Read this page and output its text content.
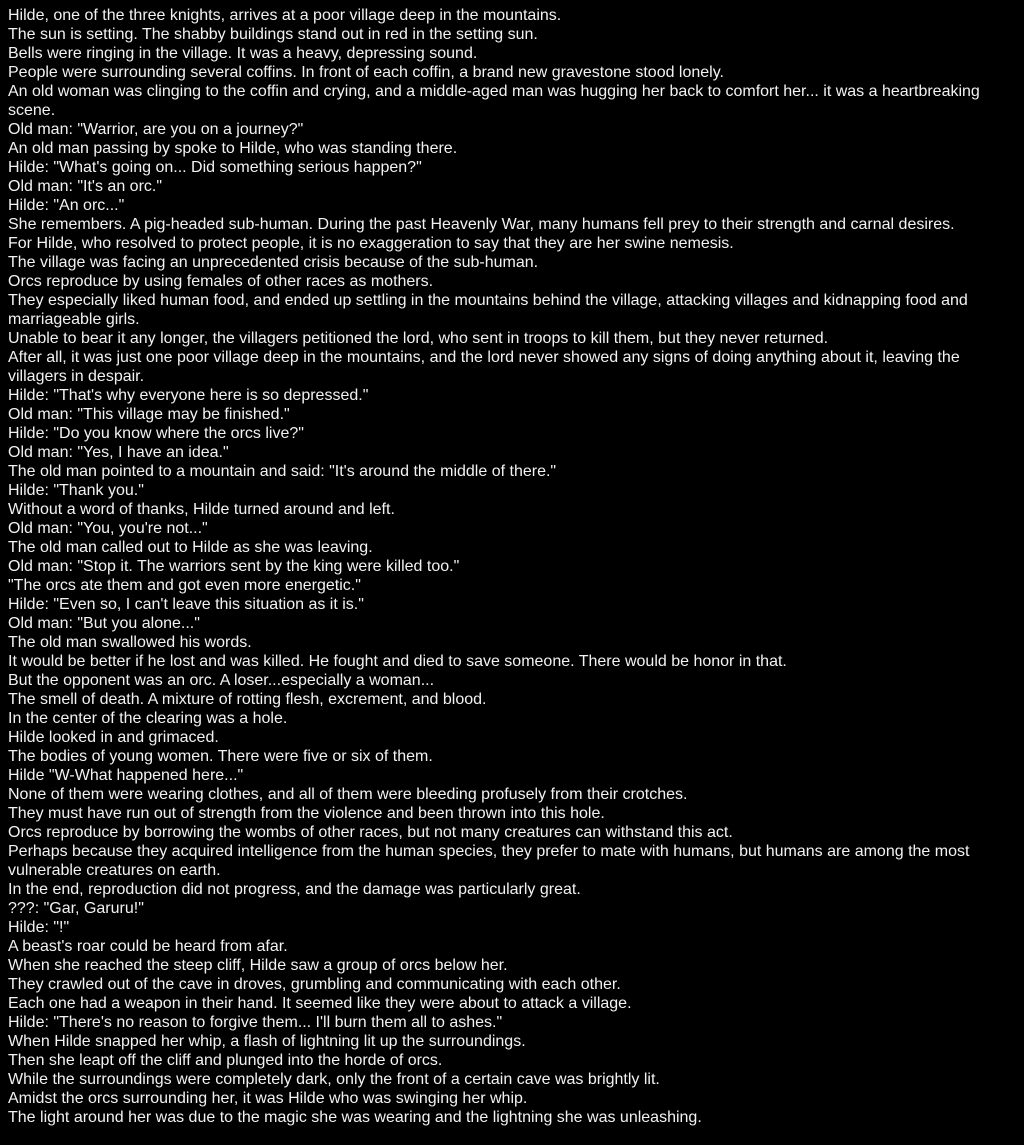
Hilde, one of the three knights, arrives at a poor village deep in the mountains.
The sun is setting. The shabby buildings stand out in red in the setting sun.
Bells were ringing in the village. It was a heavy, depressing sound.
People were surrounding several coffins. In front of each coffin, a brand new gravestone stood lonely.
An old woman was clinging to the coffin and crying, and a middle-aged man was hugging her back to comfort her... it was a heartbreaking scene.
Old man: "Warrior, are you on a journey?"
An old man passing by spoke to Hilde, who was standing there.
Hilde: "What's going on... Did something serious happen?"
Old man: "It's an orc."
Hilde: "An orc..."
She remembers. A pig-headed sub-human. During the past Heavenly War, many humans fell prey to their strength and carnal desires.
For Hilde, who resolved to protect people, it is no exaggeration to say that they are her swine nemesis.
The village was facing an unprecedented crisis because of the sub-human.
Orcs reproduce by using females of other races as mothers.
They especially liked human food, and ended up settling in the mountains behind the village, attacking villages and kidnapping food and marriageable girls.
Unable to bear it any longer, the villagers petitioned the lord, who sent in troops to kill them, but they never returned.
After all, it was just one poor village deep in the mountains, and the lord never showed any signs of doing anything about it, leaving the villagers in despair.
Hilde: "That's why everyone here is so depressed."
Old man: "This village may be finished."
Hilde: "Do you know where the orcs live?"
Old man: "Yes, I have an idea."
The old man pointed to a mountain and said: "It's around the middle of there."
Hilde: "Thank you."
Without a word of thanks, Hilde turned around and left.
Old man: "You, you're not..."
The old man called out to Hilde as she was leaving.
Old man: "Stop it. The warriors sent by the king were killed too."
"The orcs ate them and got even more energetic."
Hilde: "Even so, I can't leave this situation as it is."
Old man: "But you alone..."
The old man swallowed his words.
It would be better if he lost and was killed. He fought and died to save someone. There would be honor in that.
But the opponent was an orc. A loser...especially a woman...
The smell of death. A mixture of rotting flesh, excrement, and blood.
In the center of the clearing was a hole.
Hilde looked in and grimaced.
The bodies of young women. There were five or six of them.
Hilde "W-What happened here..."
None of them were wearing clothes, and all of them were bleeding profusely from their crotches.
They must have run out of strength from the violence and been thrown into this hole.
Orcs reproduce by borrowing the wombs of other races, but not many creatures can withstand this act.
Perhaps because they acquired intelligence from the human species, they prefer to mate with humans, but humans are among the most vulnerable creatures on earth.
In the end, reproduction did not progress, and the damage was particularly great.
???: "Gar, Garuru!"
Hilde: "!"
A beast's roar could be heard from afar.
When she reached the steep cliff, Hilde saw a group of orcs below her.
They crawled out of the cave in droves, grumbling and communicating with each other.
Each one had a weapon in their hand. It seemed like they were about to attack a village.
Hilde: "There's no reason to forgive them... I'll burn them all to ashes."
When Hilde snapped her whip, a flash of lightning lit up the surroundings.
Then she leapt off the cliff and plunged into the horde of orcs.
While the surroundings were completely dark, only the front of a certain cave was brightly lit.
Amidst the orcs surrounding her, it was Hilde who was swinging her whip.
The light around her was due to the magic she was wearing and the lightning she was unleashing.
